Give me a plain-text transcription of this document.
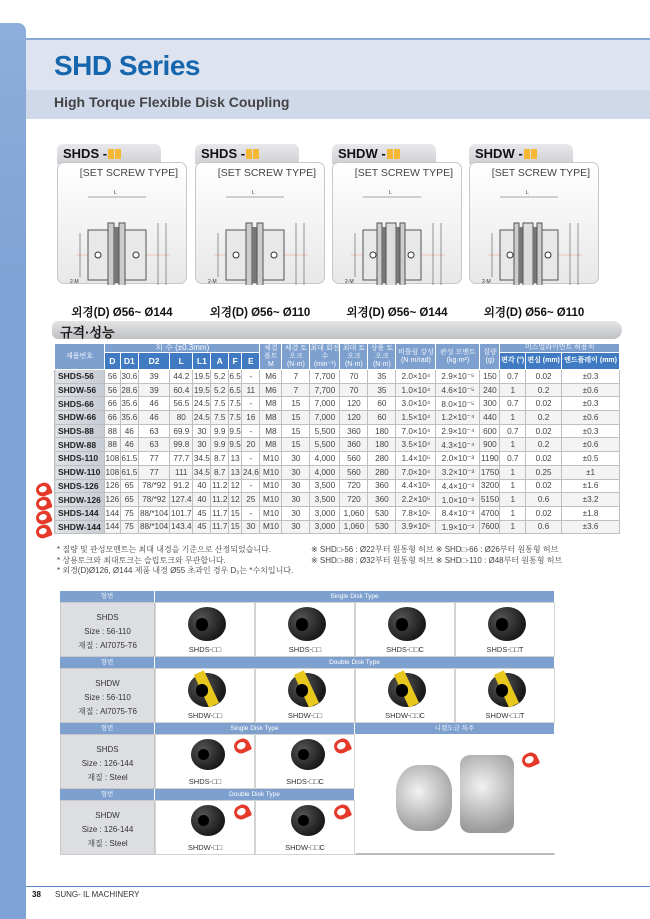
SHD Series
High Torque Flexible Disk Coupling
SHDS -
[SET SCREW TYPE]
2-M
L
외경(D) Ø56~ Ø144
SHDS -
[SET SCREW TYPE]
2-M
L
외경(D) Ø56~ Ø110
SHDW -
[SET SCREW TYPE]
2-M
L
외경(D) Ø56~ Ø144
SHDW -
[SET SCREW TYPE]
2-M
L
외경(D) Ø56~ Ø110
규격·성능
제품번호	치 수 (±0.3mm)								체결 볼트 M	체결 토오크 (N·m)	최대 회전수 (min⁻¹)	최대 토오크 (N·m)	상용 토오크 (N·m)	비틀림 강성 (N·m/rad)	관성 모멘트 (kg·m²)	질량 (g)	미스얼라이먼트 허용치		
	D	D1	D2	L	L1	A	F	E									편각 (°)	편심 (mm)	엔드플레이 (mm)
SHDS-56	56	30.6	39	44.2	19.5	5.2	6.5	-	M6	7	7,700	70	35	2.0×10⁴	2.9×10⁻⁵	150	0.7	0.02	±0.3
SHDW-56	56	28.6	39	60.4	19.5	5.2	6.5	11	M6	7	7,700	70	35	1.0×10⁴	4.6×10⁻⁵	240	1	0.2	±0.6
SHDS-66	66	35.6	46	56.5	24.5	7.5	7.5	-	M8	15	7,000	120	60	3.0×10⁴	8.0×10⁻⁵	300	0.7	0.02	±0.3
SHDW-66	66	35.6	46	80	24.5	7.5	7.5	16	M8	15	7,000	120	60	1.5×10⁴	1.2×10⁻⁴	440	1	0.2	±0.6
SHDS-88	88	46	63	69.9	30	9.9	9.5	-	M8	15	5,500	360	180	7.0×10⁴	2.9×10⁻⁴	600	0.7	0.02	±0.3
SHDW-88	88	46	63	99.8	30	9.9	9.5	20	M8	15	5,500	360	180	3.5×10⁴	4.3×10⁻⁴	900	1	0.2	±0.6
SHDS-110	108	61.5	77	77.7	34.5	8.7	13	-	M10	30	4,000	560	280	1.4×10⁵	2.0×10⁻³	1190	0.7	0.02	±0.5
SHDW-110	108	61.5	77	111	34.5	8.7	13	24.6	M10	30	4,000	560	280	7.0×10⁴	3.2×10⁻³	1750	1	0.25	±1
SHDS-126	126	65	78/*92	91.2	40	11.2	12	-	M10	30	3,500	720	360	4.4×10⁵	4.4×10⁻³	3200	1	0.02	±1.6
SHDW-126	126	65	78/*92	127.4	40	11.2	12	25	M10	30	3,500	720	360	2.2×10⁵	1.0×10⁻²	5150	1	0.6	±3.2
SHDS-144	144	75	88/*104	101.7	45	11.7	15	-	M10	30	3,000	1,060	530	7.8×10⁵	8.4×10⁻³	4700	1	0.02	±1.8
SHDW-144	144	75	88/*104	143.4	45	11.7	15	30	M10	30	3,000	1,060	530	3.9×10⁵	1.9×10⁻²	7600	1	0.6	±3.6
* 질량 및 관성모멘트는 최대 내경을 기준으로 산정되었습니다.
* 상용토크와 최대토크는 슬립토크와 무관합니다.
* 외경(D)Ø126, Ø144 제품 내경 Ø55 초과인 경우 D₂는 *수치입니다.
※ SHD□-56 : Ø22부터 원통형 허브 ※ SHD□-66 : Ø26부터 원통형 허브
※ SHD□-88 : Ø32부터 원통형 허브 ※ SHD□-110 : Ø48부터 원통형 허브
형번	Single Disk Type
SHDS
Size : 56-110
재질 : Al7075-T6	SHDS-□□	SHDS-□□	SHDS-□□C	SHDS-□□T
형번	Double Disk Type
SHDW
Size : 56-110
재질 : Al7075-T6	SHDW-□□	SHDW-□□	SHDW-□□C	SHDW-□□T
형번	Single Disk Type
SHDS
Size : 126-144
재질 : Steel	SHDS-□□	SHDS-□□C
형번	Double Disk Type
SHDW
Size : 126-144
재질 : Steel	SHDW-□□	SHDW-□□C
니켈도금 특주
38 SUNG- IL MACHINERY
